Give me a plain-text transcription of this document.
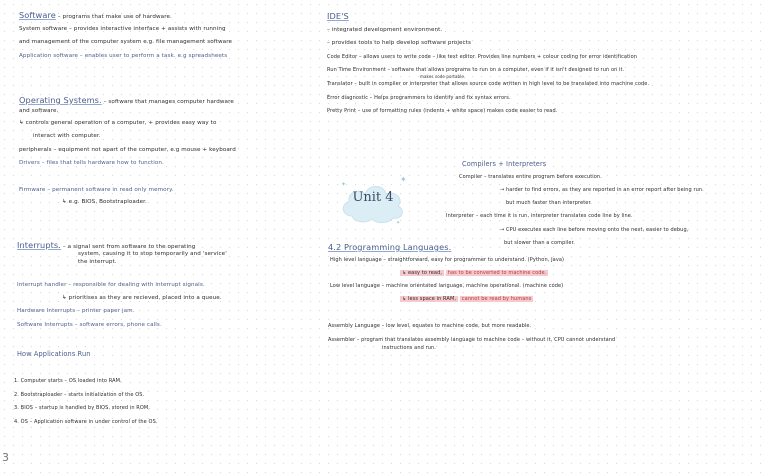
Software – programs that make use of hardware.
System software – provides interactive interface + assists with running
and management of the computer system e.g. file management software
Application software – enables user to perform a task. e.g spreadsheets
Operating Systems. – software that manages computer hardware
and software.
↳ controls general operation of a computer, + provides easy way to
interact with computer.
peripherals – equipment not apart of the computer, e.g mouse + keyboard
Drivers – files that tells hardware how to function.
Firmware – permanent software in read only memory.
↳ e.g. BIOS, Bootstraploader.
Interrupts. – a signal sent from software to the operating
system, causing it to stop temporarily and 'service'
the interrupt.
Interrupt handler – responsible for dealing with interrupt signals.
↳ prioritises as they are recieved, placed into a queue.
Hardware Interrupts – printer paper jam.
Software Interrupts – software errors, phone calls.
How Applications Run
1. Computer starts – OS loaded into RAM.
2. Bootstraploader – starts initialization of the OS.
3. BIOS – startup is handled by BIOS, stored in ROM.
4. OS – Application software in under control of the OS.
IDE'S
– integrated development environment.
– provides tools to help develop software projects
Code Editor – allows users to write code – like text editor. Provides line numbers + colour coding for error identification
Run Time Environment – software that allows programs to run on a computer, even if it isn't designed to run on it.
makes code portable.
Translator – built in compiler or interpreter that allows source code written in high level to be translated into machine code.
Error diagnostic – Helps programmers to identify and fix syntax errors.
Pretty Print – use of formatting rules (indents + white space) makes code easier to read.
Compilers + Interpreters
Compiler – translates entire program before execution.
→ harder to find errors, as they are reported in an error report after being run.
but much faster than interpreter.
Interpreter – each time it is run, interpreter translates code line by line.
→ CPU executes each line before moving onto the next, easier to debug,
but slower than a compiler.
✦
✦
✦
Unit 4
4.2 Programming Languages.
High level language – straightforward, easy for programmer to understand. (Python, Java)
↳ easy to read, has to be converted to machine code.
Low level language – machine orientated language, machine operational. (machine code)
↳ less space in RAM, cannot be read by humans
Assembly Language – low level, equates to machine code, but more readable.
Assembler – program that translates assembly language to machine code – without it, CPU cannot understand
instructions and run.
3
